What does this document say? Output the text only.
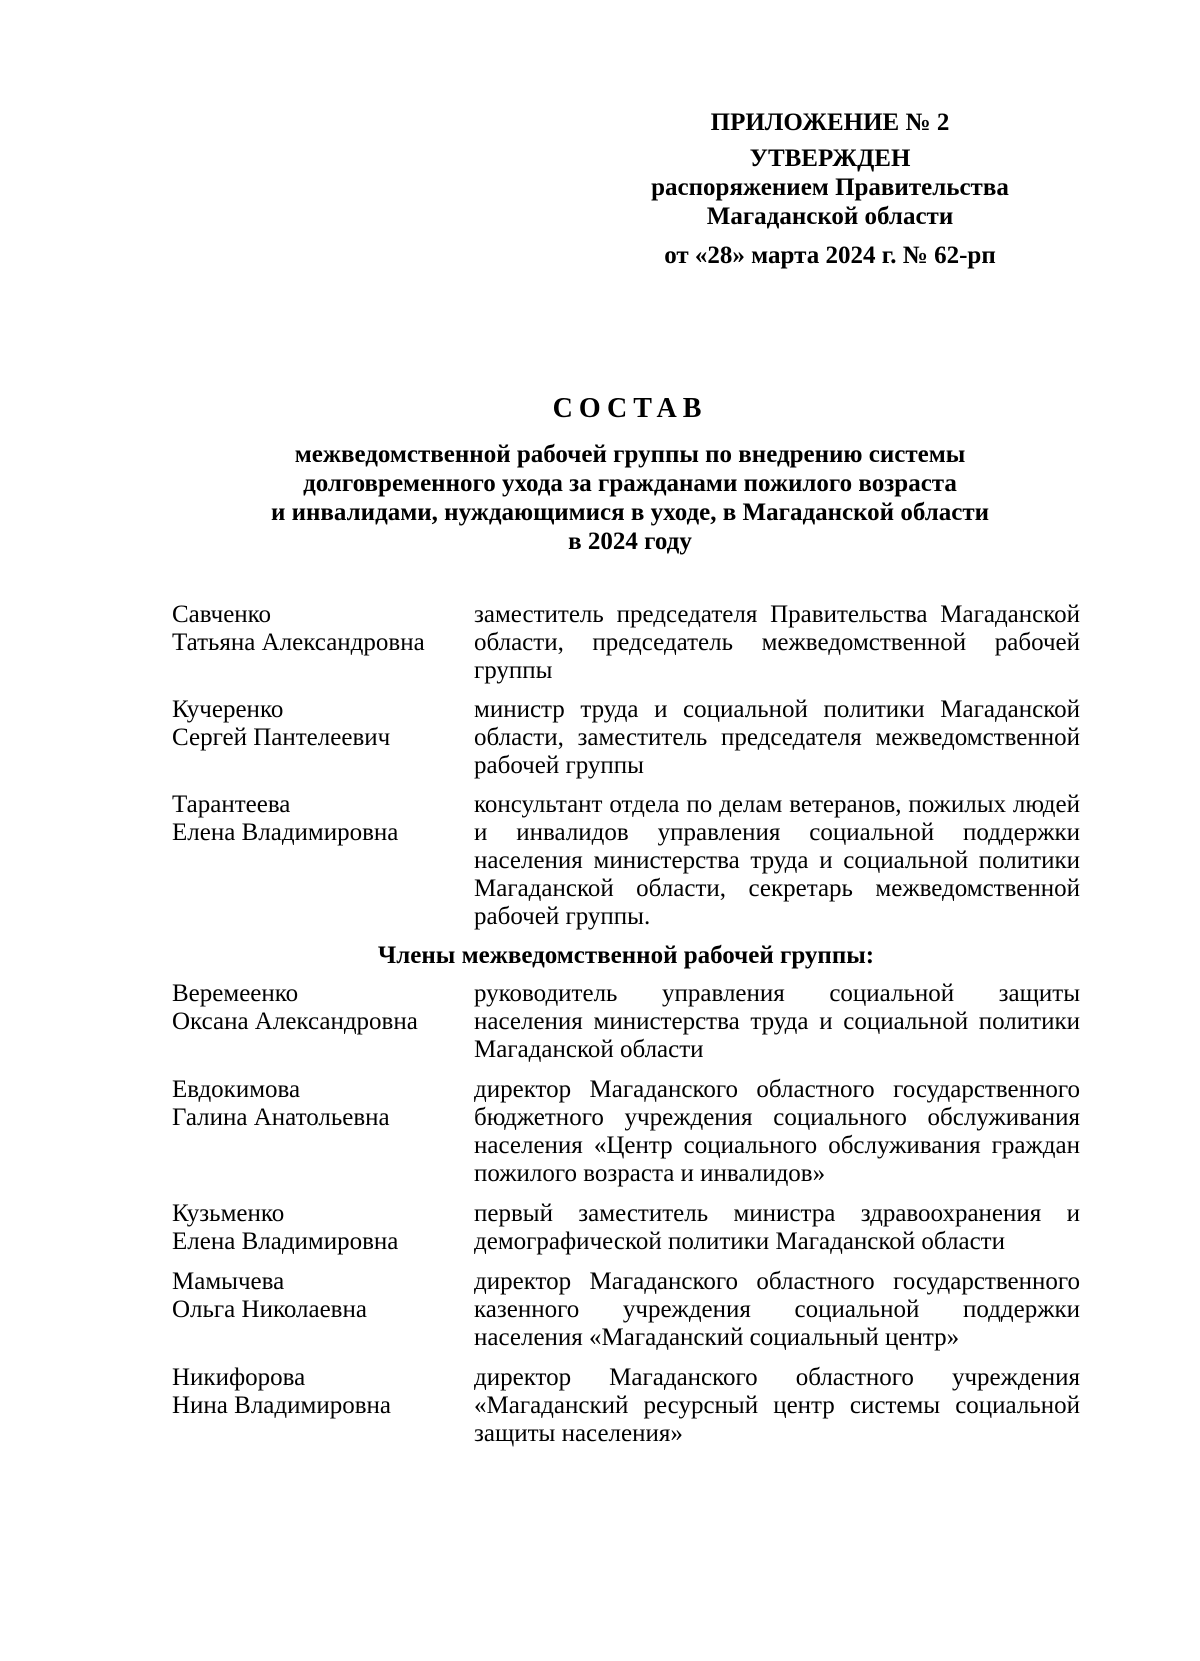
ПРИЛОЖЕНИЕ № 2
УТВЕРЖДЕН
распоряжением Правительства
Магаданской области
от «28» марта 2024 г. № 62-рп
СОСТАВ
межведомственной рабочей группы по внедрению системы
долговременного ухода за гражданами пожилого возраста
и инвалидами, нуждающимися в уходе, в Магаданской области
в 2024 году
Савченко
Татьяна Александровна
заместитель председателя Правительства Магаданской области, председатель межведомственной рабочей группы
Кучеренко
Сергей Пантелеевич
министр труда и социальной политики Магаданской области, заместитель председателя межведомственной рабочей группы
Тарантеева
Елена Владимировна
консультант отдела по делам ветеранов, пожилых людей и инвалидов управления социальной поддержки населения министерства труда и социальной политики Магаданской области, секретарь межведомственной рабочей группы.
Члены межведомственной рабочей группы:
Веремеенко
Оксана Александровна
руководитель управления социальной защиты населения министерства труда и социальной политики Магаданской области
Евдокимова
Галина Анатольевна
директор Магаданского областного государственного бюджетного учреждения социального обслуживания населения «Центр социального обслуживания граждан пожилого возраста и инвалидов»
Кузьменко
Елена Владимировна
первый заместитель министра здравоохранения и демографической политики Магаданской области
Мамычева
Ольга Николаевна
директор Магаданского областного государственного казенного учреждения социальной поддержки населения «Магаданский социальный центр»
Никифорова
Нина Владимировна
директор Магаданского областного учреждения «Магаданский ресурсный центр системы социальной защиты населения»
